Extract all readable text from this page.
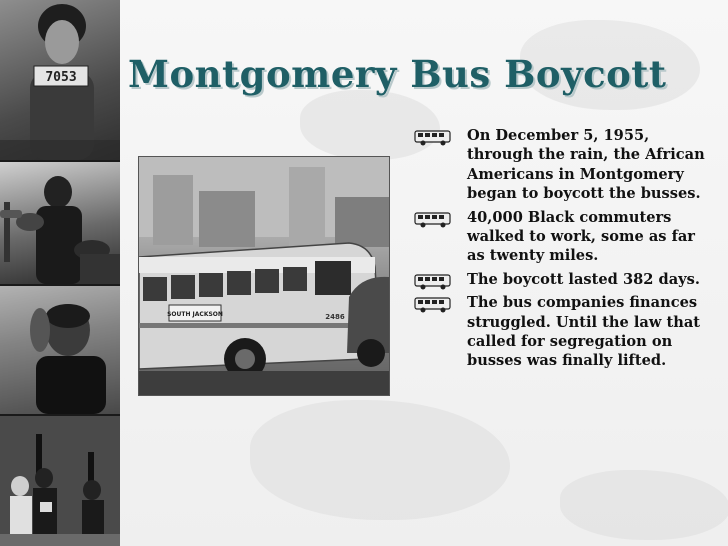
7053 Montgomery Bus Boycott
SOUTH JACKSON	2486
On December 5, 1955, through the rain, the African Americans in Montgomery began to boycott the busses.
40,000 Black commuters walked to work, some as far as twenty miles.
The boycott lasted 382 days.
The bus companies finances struggled. Until the law that called for segregation on busses was finally lifted.
